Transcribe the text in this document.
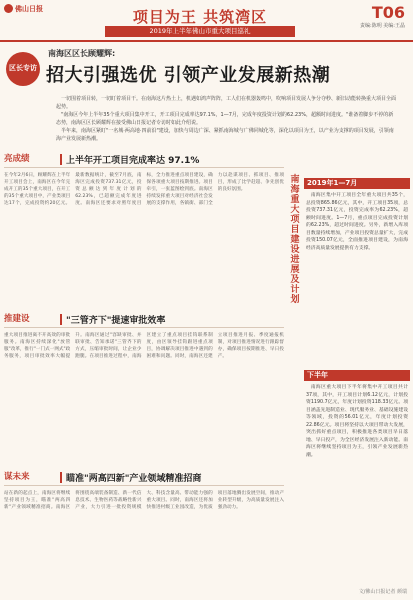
佛山日报	项目为王 共筑湾区
2019年上半年佛山市重大项目巡礼
T06
责编:陈明 美编:王晶
区长专访
南海区区长顾耀辉:
招大引强选优 引领产业发展新热潮

一切围着项目转，一切盯着项目干。在南海这片热土上，机遇如鸿声阵阵，工人们在机器轰鸣中，吹响项目发展人争分夺秒、新旧动能转换重大项目全面起势。

"南海区今年上半年35个重大项目集中开工，开工项目完成率达97.1%，1—7月，完成年度投资计划的62.23%，超额时间进度。"谁备着脚步不停的新态势，南海区区长顾耀辉在接受佛山日报记者专访时如此介绍说。

半年来，南海区紧盯"一名城·两高地·四前沿"建设，加快与周边广深、紧抓南海城与广佛同城化等，深化以项目为王，以产业为支撑的项目发展，引领南海产业发展新热潮。

亮成绩	上半年开工项目完成率达 97.1%
在今年2月6日，顾耀辉在上半年开工项目会上，南海区在今年完成开工的35个重大项目，在开工的35个重大项目中，产业类项目达17个，完成投资约20亿元。最新数据统计，截至7月底，南海区完成投资737.31亿元，投资总额达到年度计划的62.23%，已超额完成年度进度。南海区还要求对照年度目标，全力推进重点项目建设，确保各项重大项目按期推进。项目牵引，一张蓝图绘到底。南海区持续发挥重大项目对经济社会发展的支撑作用，各镇街、部门全力以赴谋项目、抓项目、推项目，形成了比学赶超、争先创优的良好氛围。
推建设	"三管齐下"提速审批效率
重大项目推进离不开高效的审批服务。南海区持续深化"放管服"改革，推行"一门式一网式"政务服务，项目审批效率大幅提升。南海区通过"容缺审批、并联审批、告知承诺"三管齐下的方式，压缩审批时间，让企业少跑腿。在项目推进过程中，南海区建立了重点项目挂钩联系制度，由区领导挂钩跟进重点项目，协调解决项目推进中遇到的困难和问题。同时，南海区还建立项目推进月报、季度通报机制，对项目推进情况进行跟踪督办，确保项目按期推进、早日投产。
谋未来	瞄准"两高四新"产业领域精准招商
站在新的起点上，南海区将继续坚持项目为王，瞄准"两高四新"产业领域精准招商。南海区将围绕高端装备制造、新一代信息技术、生物医药等战略性新兴产业，大力引进一批投资规模大、科技含量高、带动能力强的重大项目。同时，南海区还将加快推进村级工业园改造，为优质项目落地腾出发展空间，推动产业转型升级，为高质量发展注入强劲动力。
南海重大项目建设进展及计划
2019年1—7月
南海区集中开工项目全年重大项目共35个，总投资865.86亿元，其中，开工项目35项，总投资737.31亿元，投资完成率为62.23%，超额时间进度。1—7月，重点项目完成投资计划的62.23%，超过时间进度。另外，新增入库项目数量持续增加，产业项目投资总量扩大，完成投资150.07亿元，全面推进项目建设，为南海经济高质量发展提供有力支撑。
下半年
南海区重大项目下半年将集中开工项目共计37项，其中，开工项目计划6.12亿元，计划投资1190.7亿元，年度计划投资118.33亿元。项目涵盖先进制造业、现代服务业、基础设施建设等领域，投资的56.01亿元，年度计划投资22.86亿元。项目将坚持以大项目带动大发展，突出抓好重点项目，积极推进各类项目早日落地、早日投产，为全区经济发展注入新动能。南海区将继续坚持项目为王，引领产业发展新热潮。
文/佛山日报记者 颜瑞
